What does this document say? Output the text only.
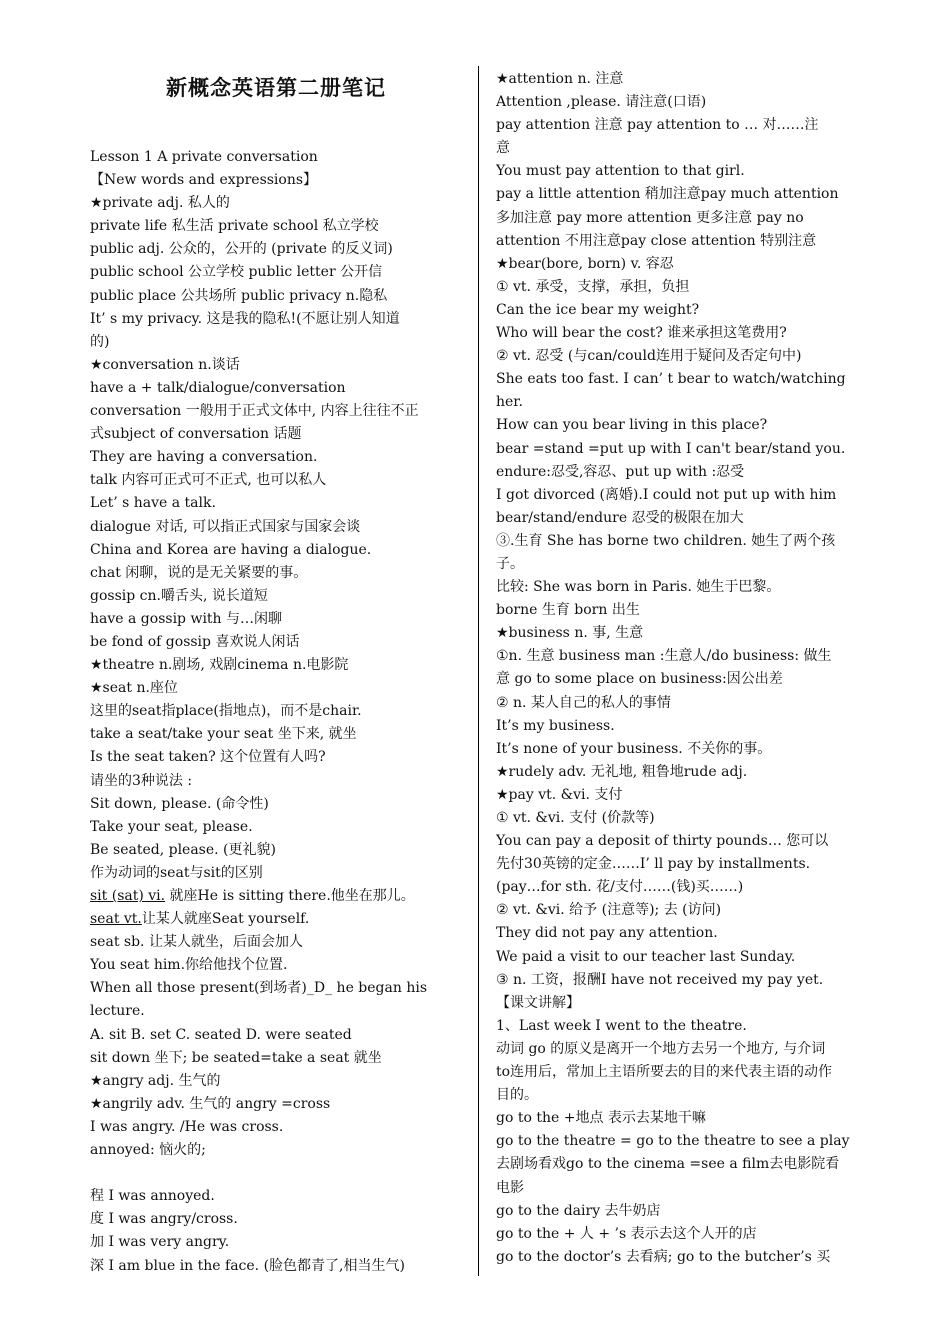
新概念英语第二册笔记
Lesson 1 A private conversation
【New words and expressions】
★private adj. 私人的
private life 私生活 private school 私立学校
public adj. 公众的，公开的 (private 的反义词)
public school 公立学校 public letter 公开信
public place 公共场所 public privacy n.隐私
It’ s my privacy. 这是我的隐私!(不愿让别人知道
的)
★conversation n.谈话
have a + talk/dialogue/conversation
conversation 一般用于正式文体中, 内容上往往不正
式subject of conversation 话题
They are having a conversation.
talk 内容可正式可不正式, 也可以私人
Let’ s have a talk.
dialogue 对话, 可以指正式国家与国家会谈
China and Korea are having a dialogue.
chat 闲聊，说的是无关紧要的事。
gossip cn.嚼舌头, 说长道短
have a gossip with 与…闲聊
be fond of gossip 喜欢说人闲话
★theatre n.剧场, 戏剧cinema n.电影院
★seat n.座位
这里的seat指place(指地点)，而不是chair.
take a seat/take your seat 坐下来, 就坐
Is the seat taken? 这个位置有人吗?
请坐的3种说法 :
Sit down, please. (命令性)
Take your seat, please.
Be seated, please. (更礼貌)
作为动词的seat与sit的区别
sit (sat) vi. 就座He is sitting there.他坐在那儿。
seat vt.让某人就座Seat yourself.
seat sb. 让某人就坐，后面会加人
You seat him.你给他找个位置.
When all those present(到场者)_D_ he began his
lecture.
A. sit B. set C. seated D. were seated
sit down 坐下; be seated=take a seat 就坐
★angry adj. 生气的
★angrily adv. 生气的 angry =cross
I was angry. /He was cross.
annoyed: 恼火的;
程 I was annoyed.
度 I was angry/cross.
加 I was very angry.
深 I am blue in the face. (脸色都青了,相当生气)
★attention n. 注意
Attention ,please. 请注意(口语)
pay attention 注意 pay attention to … 对……注
意
You must pay attention to that girl.
pay a little attention 稍加注意pay much attention
多加注意 pay more attention 更多注意 pay no
attention 不用注意pay close attention 特别注意
★bear(bore, born) v. 容忍
① vt. 承受，支撑，承担，负担
Can the ice bear my weight?
Who will bear the cost? 谁来承担这笔费用?
② vt. 忍受 (与can/could连用于疑问及否定句中)
She eats too fast. I can’ t bear to watch/watching
her.
How can you bear living in this place?
bear =stand =put up with I can't bear/stand you.
endure:忍受,容忍、put up with :忍受
I got divorced (离婚).I could not put up with him
bear/stand/endure 忍受的极限在加大
③.生育 She has borne two children. 她生了两个孩
子。
比较: She was born in Paris. 她生于巴黎。
borne 生育 born 出生
★business n. 事, 生意
①n. 生意 business man :生意人/do business: 做生
意 go to some place on business:因公出差
② n. 某人自己的私人的事情
It’s my business.
It’s none of your business. 不关你的事。
★rudely adv. 无礼地, 粗鲁地rude adj.
★pay vt. &vi. 支付
① vt. &vi. 支付 (价款等)
You can pay a deposit of thirty pounds… 您可以
先付30英镑的定金……I’ ll pay by installments.
(pay…for sth. 花/支付……(钱)买……)
② vt. &vi. 给予 (注意等); 去 (访问)
They did not pay any attention.
We paid a visit to our teacher last Sunday.
③ n. 工资，报酬I have not received my pay yet.
【课文讲解】
1、Last week I went to the theatre.
动词 go 的原义是离开一个地方去另一个地方, 与介词
to连用后，常加上主语所要去的目的来代表主语的动作
目的。
go to the +地点 表示去某地干嘛
go to the theatre = go to the theatre to see a play
去剧场看戏go to the cinema =see a film去电影院看
电影
go to the dairy 去牛奶店
go to the + 人 + ’s 表示去这个人开的店
go to the doctor’s 去看病; go to the butcher’s 买
